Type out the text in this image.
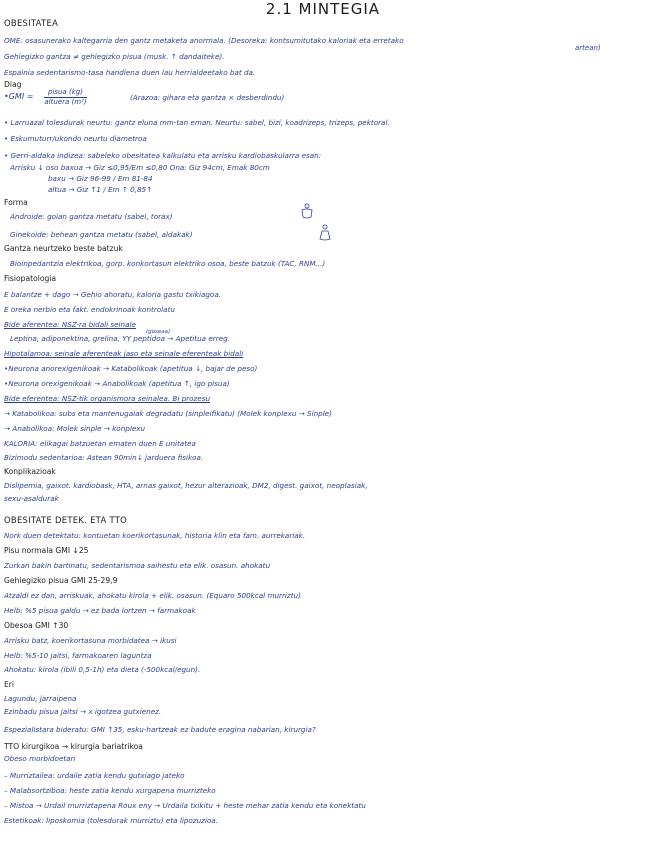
2.1 MINTEGIA
OBESITATEA
OME: osasunerako kaltegarria den gantz metaketa anormala. (Desoreka: kontsumitutako kaloriak eta erretako
artean)
Gehiegizko gantza ≠ gehiegizko pisua (musk. ↑ dandaiteke).
Espainia sedentarismo-tasa handiena duen lau herrialdeetako bat da.
Diag
•GMI =	pisua (kg)
altuera (m²)	(Arazoa: gihara eta gantza × desberdindu)
• Larruazal tolesdurak neurtu: gantz eluna mm-tan eman. Neurtu: sabel, bizi, koadrizeps, trizeps, pektoral.
• Eskumuturr/ukondo neurtu diametroa
• Gerri-aldaka indizea: sabeleko obesitatea kalkulatu eta arrisku kardiobaskularra esan:
Arrisku ↓ oso baxua → Giz ≤0,95/Em ≤0,80 Ona: Giz 94cm, Emak 80cm
baxu → Giz 96-99 / Em 81-84
altua → Giz ↑1 / Em ↑ 0,85↑
Forma
Androide: goian gantza metatu (sabel, torax)
Ginekoide: behean gantza metatu (sabel, aldakak)
Gantza neurtzeko beste batzuk
Bioinpedantzia elektrikoa, gorp. konkortasun elektriko osoa, beste batzuk (TAC, RNM...)
Fisiopatologia
E balantze + dago → Gehio ahoratu, kaloria gastu txikiagoa.
E oreka nerbio eta fakt. endokrinoak kontrolatu
Bide aferentea: NSZ-ra bidali seinale
Leptina, adiponektina, grelina, YY peptidoa → Apetitua erreg.
(goseaa)
Hipotalamoa: seinale aferenteak jaso eta seinale eferenteak bidali
•Neurona anorexigenikoak → Katabolikoak (apetitua ↓, bajar de peso)
•Neurona orexigenikoak → Anabolikoak (apetitua ↑, igo pisua)
Bide eferentea: NSZ-tik organismora seinalea. Bi prozesu
→ Katabolikoa: subs eta mantenugaiak degradatu (sinpleifikatu) (Molek konplexu → Sinple)
→ Anabolikoa: Molek sinple → konplexu
KALORIA: elikagai batzuetan ematen duen E unitatea
Bizimodu sedentarioa: Astean 90min↓ jarduera fisikoa.
Konplikazioak
Dislipemia, gaixot. kardiobask, HTA, arnas gaixot, hezur alterazioak, DM2, digest. gaixot, neoplasiak,
sexu-asaldurak
OBESITATE DETEK. ETA TTO
Nork duen detektatu: kontuetan koerikortasunak, historia klin eta fam. aurrekariak.
Pisu normala GMI ↓25
Zurkan bakin bartinatu, sedentarismoa saihestu eta elik. osasun. ahokatu
Gehiegizko pisua GMI 25-29,9
Atzaldi ez dan, arriskuak, ahokatu kirola + elik. osasun. (Equaro 500kcal murriztu)
Helb: %5 pisua galdu → ez bada lortzen → farmakoak
Obesoa GMI ↑30
Arrisku batz, koerikortasuna morbidatea → ikusi
Helb: %5-10 jaitsi, farmakoaren laguntza
Ahokatu: kirola (ibili 0,5-1h) eta dieta (-500kcal/egun).
Eri
Lagundu, jarraipena
Ezinbadu pisua jaitsi → x igotzea gutxienez.
Espezialistara bideratu: GMI ↑35, esku-hartzeak ez badute eragina nabarian, kirurgia?
TTO kirurgikoa → kirurgia bariatrikoa
Obeso morbidoetan
– Murriztailea: urdaile zatia kendu gutxiago jateko
– Malabsortziboa: heste zatia kendu xurgapena murrizteko
– Mistoa → Urdail murriztapena Roux eny → Urdaila txikitu + heste mehar zatia kendu eta konektatu
Estetikoak: liposkomia (tolesdurak murriztu) eta lipozuzioa.
